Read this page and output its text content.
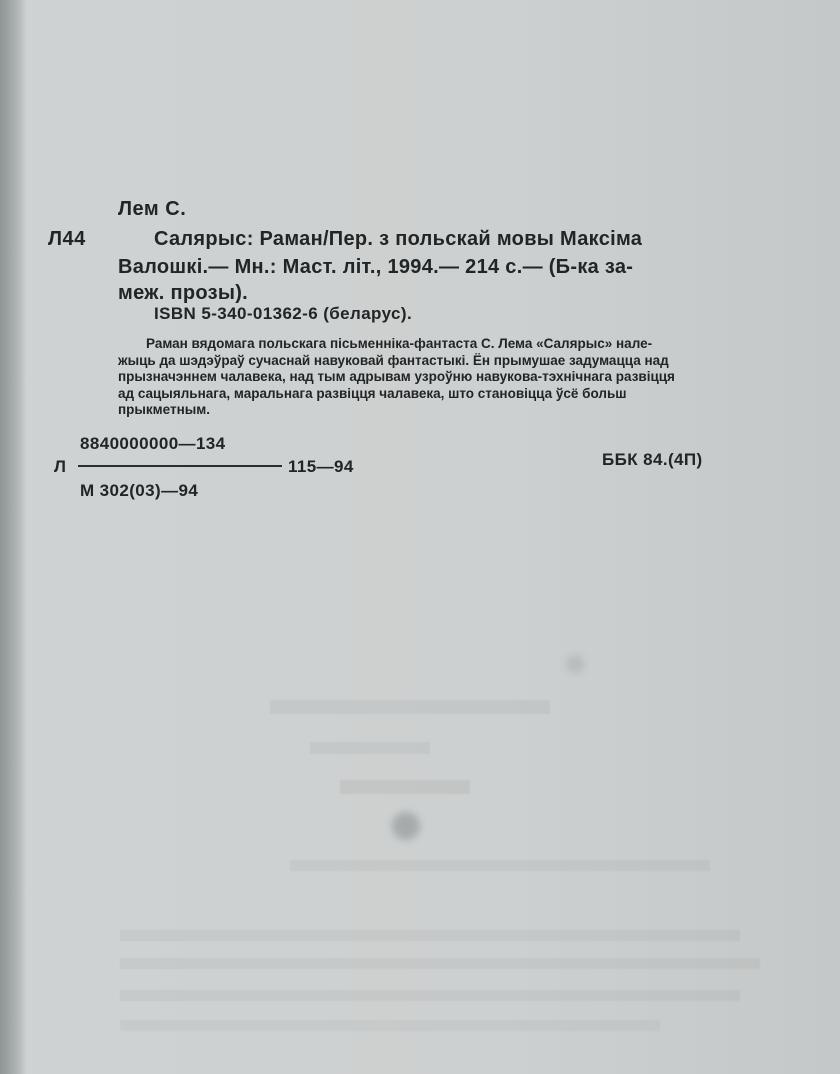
Л44
Лем С.
Салярыс: Раман/Пер. з польскай мовы Максіма
Валошкі.— Мн.: Маст. літ., 1994.— 214 с.— (Б-ка за-
меж. прозы).
ISBN 5-340-01362-6 (беларус).
Раман вядомага польскага пісьменніка-фантаста С. Лема «Салярыс» нале-
жыць да шэдэўраў сучаснай навуковай фантастыкі. Ён прымушае задумацца над
прызначэннем чалавека, над тым адрывам узроўню навукова-тэхнічнага развіцця
ад сацыяльнага, маральнага развіцця чалавека, што становіцца ўсё больш
прыкметным.
8840000000—134
Л	115—94
М 302(03)—94
ББК 84.(4П)
